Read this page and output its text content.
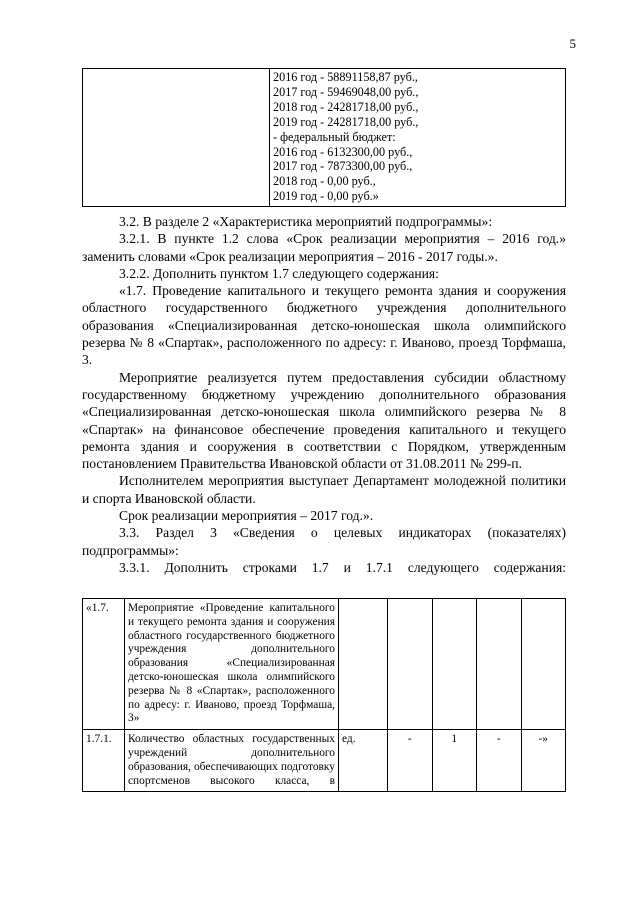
5

2016 год - 58891158,87 руб.,
2017 год - 59469048,00 руб.,
2018 год - 24281718,00 руб.,
2019 год - 24281718,00 руб.,
- федеральный бюджет:
2016 год - 6132300,00 руб.,
2017 год - 7873300,00 руб.,
2018 год - 0,00 руб.,
2019 год - 0,00 руб.»

3.2. В разделе 2 «Характеристика мероприятий подпрограммы»:

3.2.1. В пункте 1.2 слова «Срок реализации мероприятия – 2016 год.» заменить словами «Срок реализации мероприятия – 2016 - 2017 годы.».

3.2.2. Дополнить пунктом 1.7 следующего содержания:

«1.7. Проведение капитального и текущего ремонта здания и сооружения областного государственного бюджетного учреждения дополнительного образования «Специализированная детско-юношеская школа олимпийского резерва № 8 «Спартак», расположенного по адресу: г. Иваново, проезд Торфмаша, 3.

Мероприятие реализуется путем предоставления субсидии областному государственному бюджетному учреждению дополнительного образования «Специализированная детско-юношеская школа олимпийского резерва № 8 «Спартак» на финансовое обеспечение проведения капитального и текущего ремонта здания и сооружения в соответствии с Порядком, утвержденным постановлением Правительства Ивановской области от 31.08.2011 № 299-п.

Исполнителем мероприятия выступает Департамент молодежной политики и спорта Ивановской области.

Срок реализации мероприятия – 2017 год.».

3.3. Раздел 3 «Сведения о целевых индикаторах (показателях) подпрограммы»:

3.3.1. Дополнить строками 1.7 и 1.7.1 следующего содержания:

«1.7.	Мероприятие «Проведение капитального и текущего ремонта здания и сооружения областного государственного бюджетного учреждения дополнительного образования «Специализированная детско-юношеская школа олимпийского резерва № 8 «Спартак», расположенного по адресу: г. Иваново, проезд Торфмаша, 3»					

1.7.1.	Количество областных государственных учреждений дополнительного образования, обеспечивающих подготовку спортсменов высокого класса, в	ед.	-	1	-	-»
